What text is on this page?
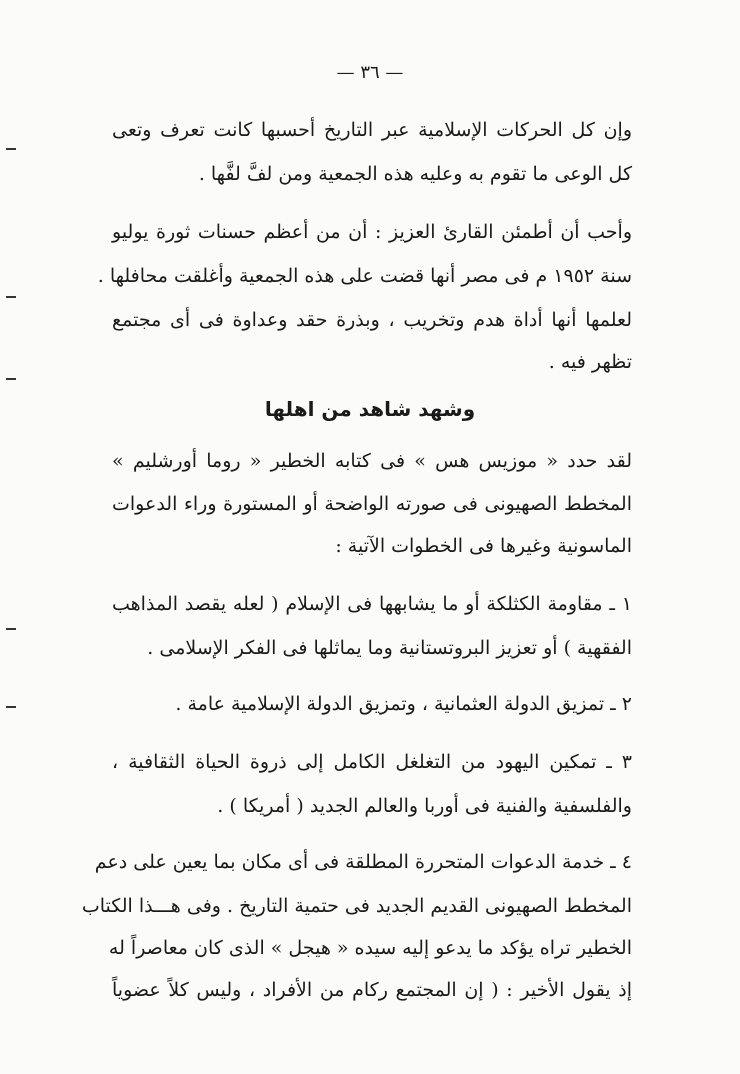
— ٣٦ —
وإن كل الحركات الإسلامية عبر التاريخ أحسبها كانت تعرف وتعى
كل الوعى ما تقوم به وعليه هذه الجمعية ومن لفَّ لفَّها .
وأحب أن أطمئن القارئ العزيز : أن من أعظم حسنات ثورة يوليو
سنة ١٩٥٢ م فى مصر أنها قضت على هذه الجمعية وأغلقت محافلها .
لعلمها أنها أداة هدم وتخريب ، وبذرة حقد وعداوة فى أى مجتمع
تظهر فيه .
وشهد شاهد من اهلها
لقد حدد « موزيس هس » فى كتابه الخطير « روما أورشليم »
المخطط الصهيونى فى صورته الواضحة أو المستورة وراء الدعوات
الماسونية وغيرها فى الخطوات الآتية :
١ ـ مقاومة الكثلكة أو ما يشابهها فى الإسلام ( لعله يقصد المذاهب
الفقهية ) أو تعزيز البروتستانية وما يماثلها فى الفكر الإسلامى .
٢ ـ تمزيق الدولة العثمانية ، وتمزيق الدولة الإسلامية عامة .
٣ ـ تمكين اليهود من التغلغل الكامل إلى ذروة الحياة الثقافية ،
والفلسفية والفنية فى أوربا والعالم الجديد ( أمريكا ) .
٤ ـ خدمة الدعوات المتحررة المطلقة فى أى مكان بما يعين على دعم
المخطط الصهيونى القديم الجديد فى حتمية التاريخ . وفى هـــذا الكتاب
الخطير تراه يؤكد ما يدعو إليه سيده « هيجل » الذى كان معاصراً له
إذ يقول الأخير : ( إن المجتمع ركام من الأفراد ، وليس كلاً عضوياً
